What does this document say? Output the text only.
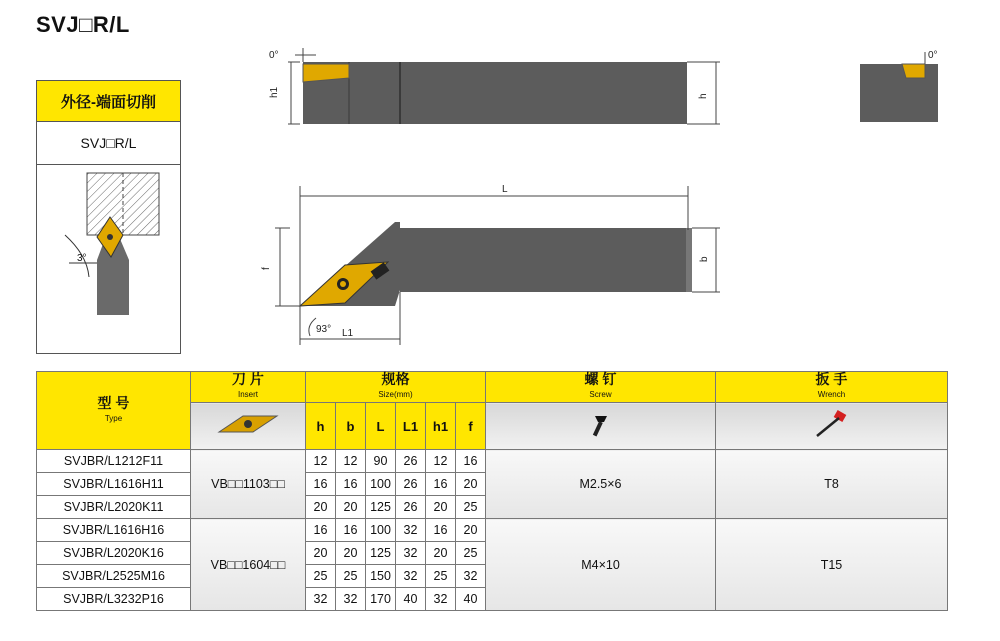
SVJ□R/L
外径-端面切削
SVJ□R/L
3°
0°
h1	h
0°
L
f
b
93° L1
型 号
Type	刀 片
Insert	规格
Size(mm)						螺 钉
Screw	扳 手
Wrench

	h	b	L	L1	h1	f		
SVJBR/L1212F11	VB□□1103□□	12	12	90	26	12	16	M2.5×6	T8
SVJBR/L1616H11		16	16	100	26	16	20		
SVJBR/L2020K11		20	20	125	26	20	25		
SVJBR/L1616H16	VB□□1604□□	16	16	100	32	16	20	M4×10	T15
SVJBR/L2020K16		20	20	125	32	20	25		
SVJBR/L2525M16		25	25	150	32	25	32		
SVJBR/L3232P16		32	32	170	40	32	40		
